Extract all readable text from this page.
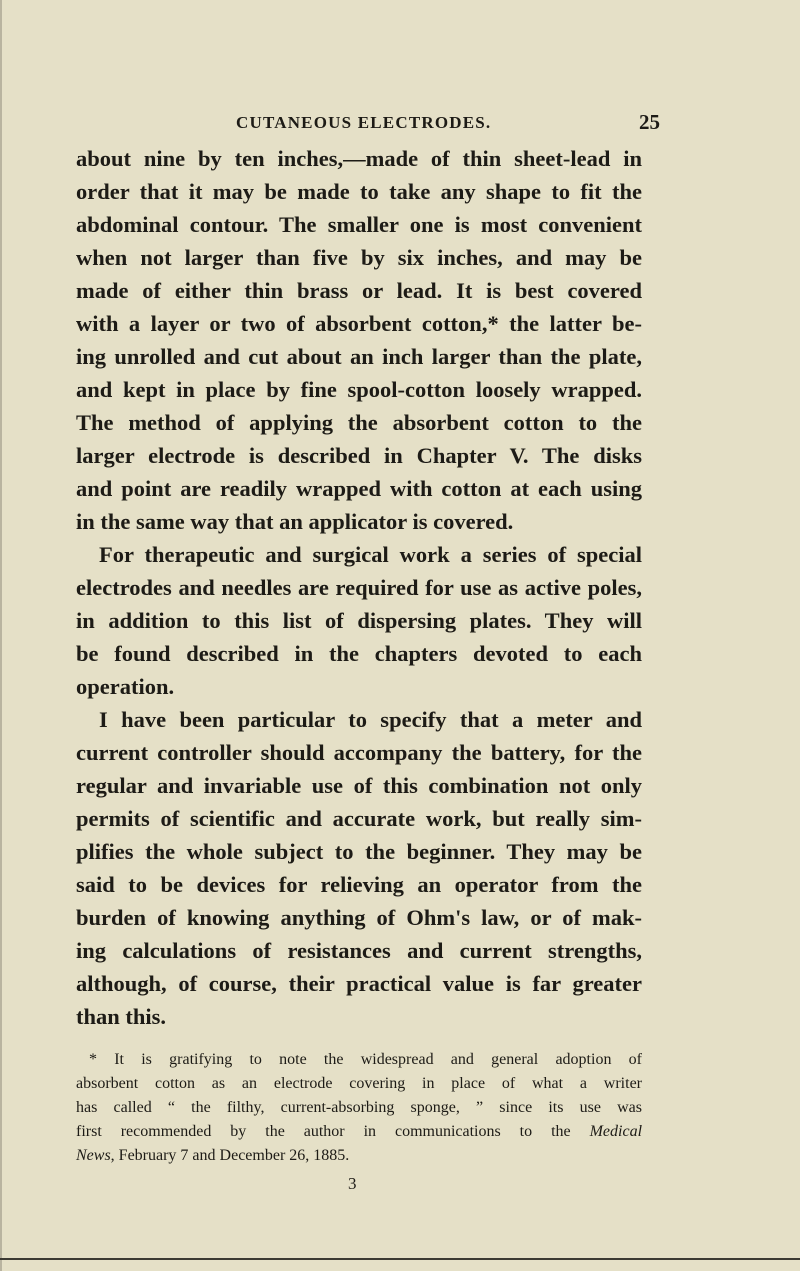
CUTANEOUS ELECTRODES.	25
about nine by ten inches,—made of thin sheet-lead in
order that it may be made to take any shape to fit the
abdominal contour. The smaller one is most convenient
when not larger than five by six inches, and may be
made of either thin brass or lead. It is best covered
with a layer or two of absorbent cotton,* the latter be-
ing unrolled and cut about an inch larger than the plate,
and kept in place by fine spool-cotton loosely wrapped.
The method of applying the absorbent cotton to the
larger electrode is described in Chapter V. The disks
and point are readily wrapped with cotton at each using
in the same way that an applicator is covered.
For therapeutic and surgical work a series of special
electrodes and needles are required for use as active poles,
in addition to this list of dispersing plates. They will
be found described in the chapters devoted to each
operation.
I have been particular to specify that a meter and
current controller should accompany the battery, for the
regular and invariable use of this combination not only
permits of scientific and accurate work, but really sim-
plifies the whole subject to the beginner. They may be
said to be devices for relieving an operator from the
burden of knowing anything of Ohm's law, or of mak-
ing calculations of resistances and current strengths,
although, of course, their practical value is far greater
than this.
* It is gratifying to note the widespread and general adoption of
absorbent cotton as an electrode covering in place of what a writer
has called “ the filthy, current-absorbing sponge, ” since its use was
first recommended by the author in communications to the Medical
News, February 7 and December 26, 1885.
3
